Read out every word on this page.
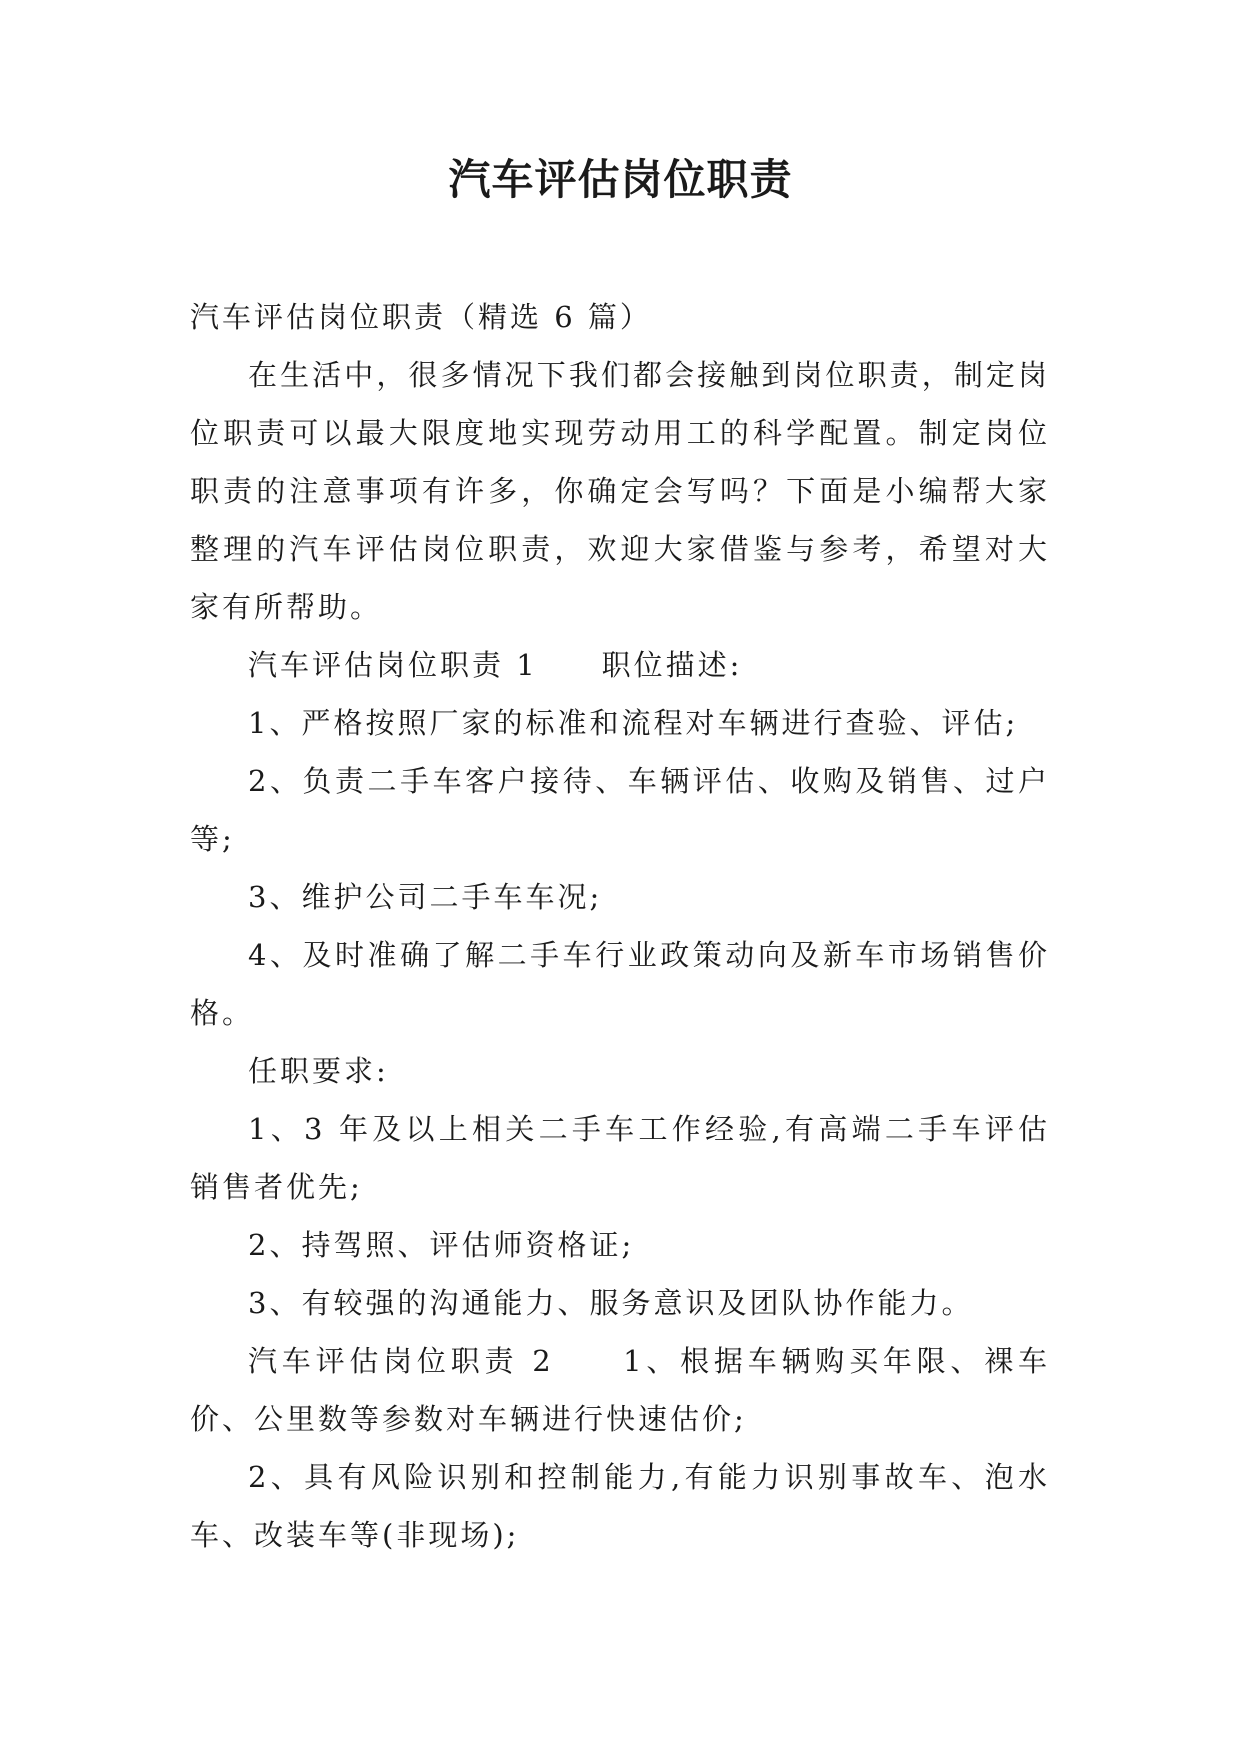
汽车评估岗位职责

汽车评估岗位职责（精选 6 篇）

在生活中，很多情况下我们都会接触到岗位职责，制定岗位职责可以最大限度地实现劳动用工的科学配置。制定岗位职责的注意事项有许多，你确定会写吗？下面是小编帮大家整理的汽车评估岗位职责，欢迎大家借鉴与参考，希望对大家有所帮助。

汽车评估岗位职责 1　　职位描述:

1、严格按照厂家的标准和流程对车辆进行查验、评估;

2、负责二手车客户接待、车辆评估、收购及销售、过户等;

3、维护公司二手车车况;

4、及时准确了解二手车行业政策动向及新车市场销售价格。

任职要求:

1、3 年及以上相关二手车工作经验,有高端二手车评估销售者优先;

2、持驾照、评估师资格证;

3、有较强的沟通能力、服务意识及团队协作能力。

汽车评估岗位职责 2　　1、根据车辆购买年限、裸车价、公里数等参数对车辆进行快速估价;

2、具有风险识别和控制能力,有能力识别事故车、泡水车、改装车等(非现场);
